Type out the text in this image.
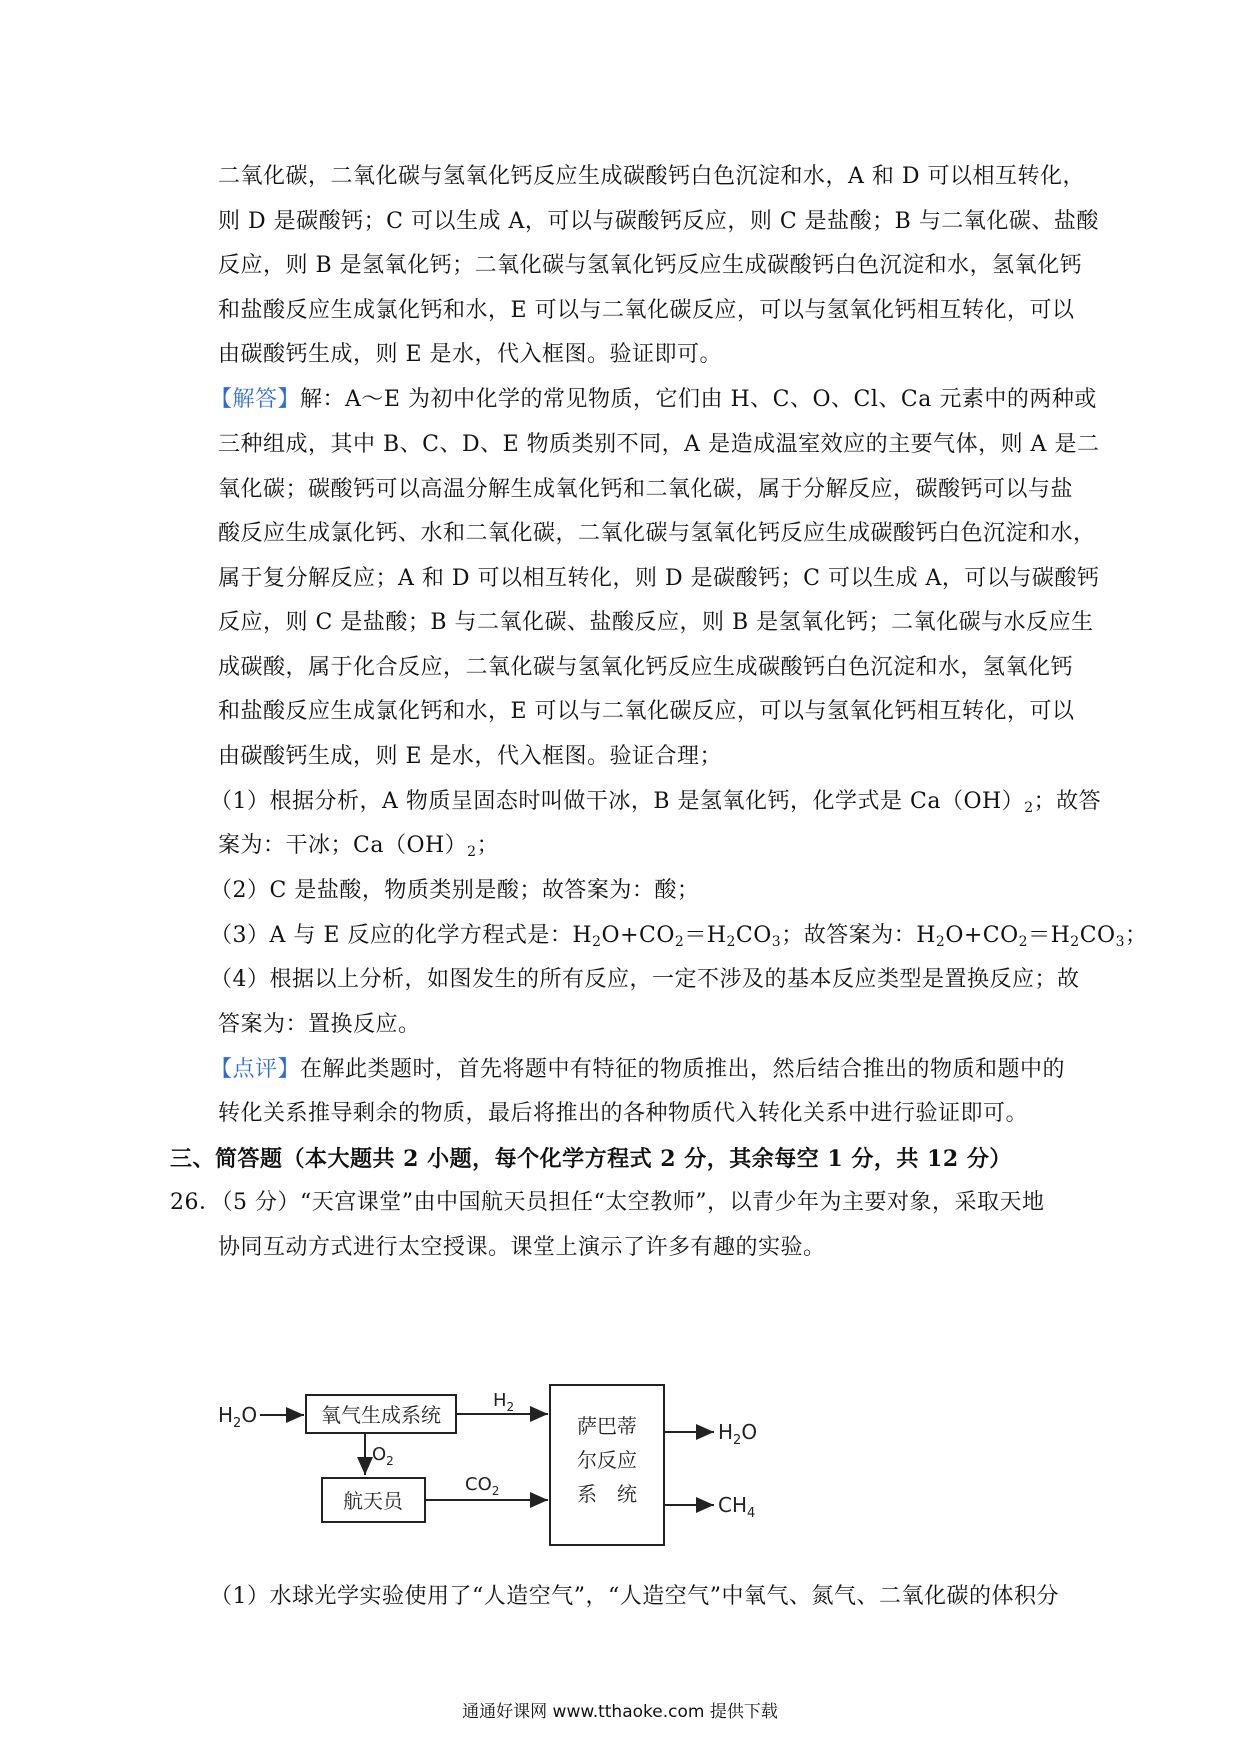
二氧化碳，二氧化碳与氢氧化钙反应生成碳酸钙白色沉淀和水，A 和 D 可以相互转化，
则 D 是碳酸钙；C 可以生成 A，可以与碳酸钙反应，则 C 是盐酸；B 与二氧化碳、盐酸
反应，则 B 是氢氧化钙；二氧化碳与氢氧化钙反应生成碳酸钙白色沉淀和水，氢氧化钙
和盐酸反应生成氯化钙和水，E 可以与二氧化碳反应，可以与氢氧化钙相互转化，可以
由碳酸钙生成，则 E 是水，代入框图。验证即可。
【解答】解：A～E 为初中化学的常见物质，它们由 H、C、O、Cl、Ca 元素中的两种或
三种组成，其中 B、C、D、E 物质类别不同，A 是造成温室效应的主要气体，则 A 是二
氧化碳；碳酸钙可以高温分解生成氧化钙和二氧化碳，属于分解反应，碳酸钙可以与盐
酸反应生成氯化钙、水和二氧化碳，二氧化碳与氢氧化钙反应生成碳酸钙白色沉淀和水，
属于复分解反应；A 和 D 可以相互转化，则 D 是碳酸钙；C 可以生成 A，可以与碳酸钙
反应，则 C 是盐酸；B 与二氧化碳、盐酸反应，则 B 是氢氧化钙；二氧化碳与水反应生
成碳酸，属于化合反应，二氧化碳与氢氧化钙反应生成碳酸钙白色沉淀和水，氢氧化钙
和盐酸反应生成氯化钙和水，E 可以与二氧化碳反应，可以与氢氧化钙相互转化，可以
由碳酸钙生成，则 E 是水，代入框图。验证合理；
（1）根据分析，A 物质呈固态时叫做干冰，B 是氢氧化钙，化学式是 $Ca(OH)_2$；故答
案为：干冰；$Ca(OH)_2$；
（2）C 是盐酸，物质类别是酸；故答案为：酸；
（3）A 与 E 反应的化学方程式是：$H_2O+CO_2=H_2CO_3$；故答案为：$H_2O+CO_2=H_2CO_3$；
（4）根据以上分析，如图发生的所有反应，一定不涉及的基本反应类型是置换反应；故
答案为：置换反应。
【点评】在解此类题时，首先将题中有特征的物质推出，然后结合推出的物质和题中的
转化关系推导剩余的物质，最后将推出的各种物质代入转化关系中进行验证即可。
三、简答题（本大题共 2 小题，每个化学方程式 2 分，其余每空 1 分，共 12 分）
26．（5 分）“天宫课堂”由中国航天员担任“太空教师”，以青少年为主要对象，采取天地
协同互动方式进行太空授课。课堂上演示了许多有趣的实验。
$H_2O$	氧气生成系统
$H_2$
$O_2$
航天员
$CO_2$
萨巴蒂
尔反应
系　统
$H_2O$
$CH_4$
（1）水球光学实验使用了“人造空气”，“人造空气”中氧气、氮气、二氧化碳的体积分
通通好课网 www.tthaoke.com 提供下载
